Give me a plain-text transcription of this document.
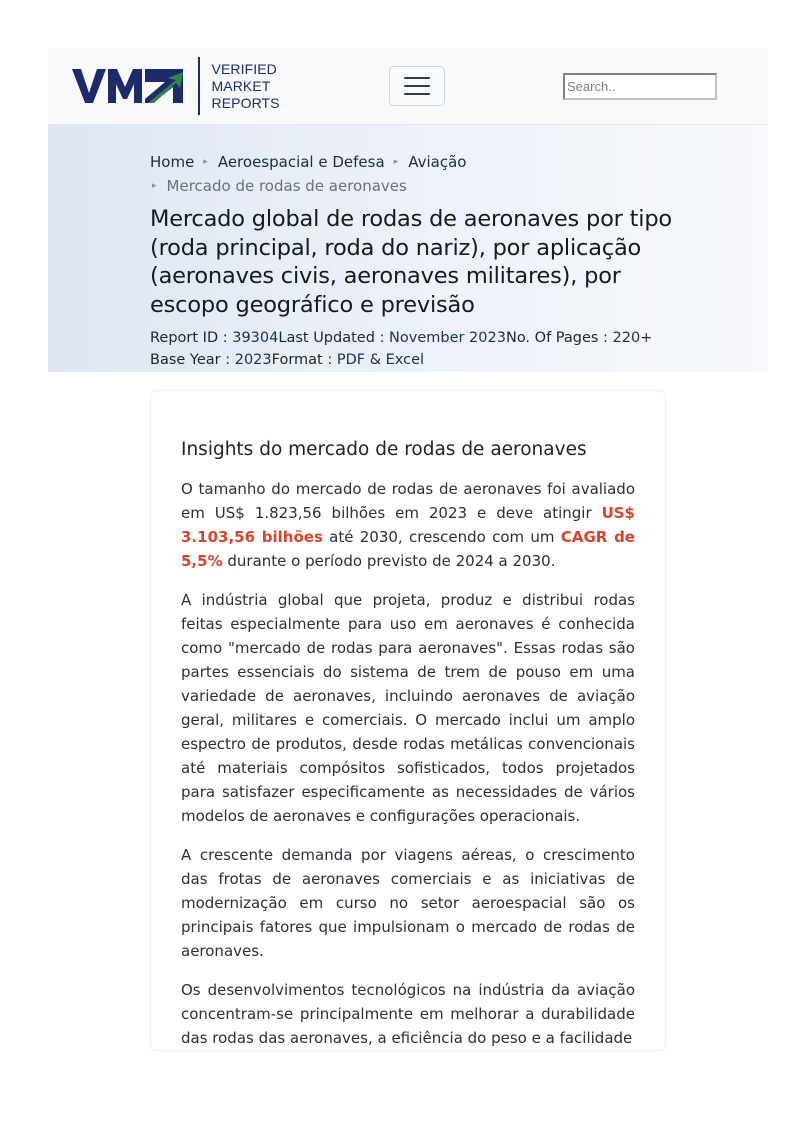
VERIFIED
MARKET
REPORTS
Search..
Home ▸ Aeroespacial e Defesa ▸ Aviação
▸ Mercado de rodas de aeronaves
Mercado global de rodas de aeronaves por tipo (roda principal, roda do nariz), por aplicação (aeronaves civis, aeronaves militares), por escopo geográfico e previsão
Report ID : 39304Last Updated : November 2023No. Of Pages : 220+
Base Year : 2023Format : PDF & Excel
Insights do mercado de rodas de aeronaves

O tamanho do mercado de rodas de aeronaves foi avaliado em US$ 1.823,56 bilhões em 2023 e deve atingir US$ 3.103,56 bilhões até 2030, crescendo com um CAGR de 5,5% durante o período previsto de 2024 a 2030.

A indústria global que projeta, produz e distribui rodas feitas especialmente para uso em aeronaves é conhecida como "mercado de rodas para aeronaves". Essas rodas são partes essenciais do sistema de trem de pouso em uma variedade de aeronaves, incluindo aeronaves de aviação geral, militares e comerciais. O mercado inclui um amplo espectro de produtos, desde rodas metálicas convencionais até materiais compósitos sofisticados, todos projetados para satisfazer especificamente as necessidades de vários modelos de aeronaves e configurações operacionais.

A crescente demanda por viagens aéreas, o crescimento das frotas de aeronaves comerciais e as iniciativas de modernização em curso no setor aeroespacial são os principais fatores que impulsionam o mercado de rodas de aeronaves.

Os desenvolvimentos tecnológicos na indústria da aviação concentram-se principalmente em melhorar a durabilidade das rodas das aeronaves, a eficiência do peso e a facilidade
